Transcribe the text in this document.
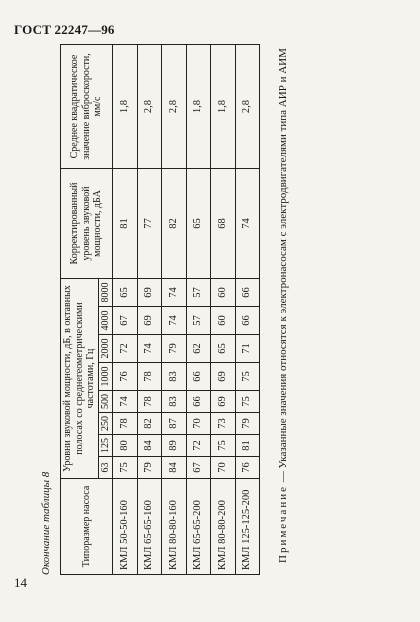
ГОСТ 22247—96
Окончание таблицы 8	Типоразмер насоса	Уровни звуковой мощности, дБ, в октавных полосах со среднегеометрическими частотами, Гц								Корректированный уровень звуковой мощности, дБА	Среднее квадратическое значение виброскорости, мм/с
	63	125	250	500	1000	2000	4000	8000		
КМЛ 50-50-160	75	80	78	74	76	72	67	65	81	1,8
КМЛ 65-65-160	79	84	82	78	78	74	69	69	77	2,8
КМЛ 80-80-160	84	89	87	83	83	79	74	74	82	2,8
КМЛ 65-65-200	67	72	70	66	66	62	57	57	65	1,8
КМЛ 80-80-200	70	75	73	69	69	65	60	60	68	1,8
КМЛ 125-125-200	76	81	79	75	75	71	66	66	74	2,8
Примечание — Указанные значения относятся к электронасосам с электродвигателями типа АИР и АИМ
14
